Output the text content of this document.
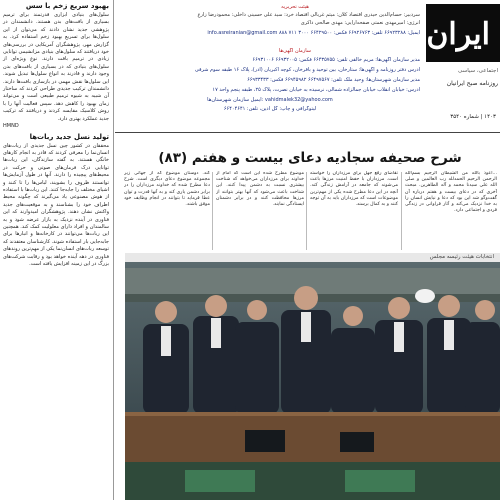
بهبود سریع زخم با سس

سلول‌های بنیادی ابزاری قدرتمند برای ترمیم بسیاری از بافت‌های بدن هستند. دانشمندان در پژوهشی جدید نشان دادند که می‌توان از این سلول‌ها برای تسریع بهبود زخم استفاده کرد. به گزارش مهر، پژوهشگران آمریکایی در بررسی‌های خود دریافتند که سلول‌های بنیادی مزانشیمی توانایی زیادی در ترمیم بافت دارند. نوع ویژه‌ای از سلول‌های بنیادی که در بسیاری از بافت‌های بدن وجود دارند و قادرند به انواع سلول‌ها تبدیل شوند. این سلول‌ها نقش مهمی در بازسازی بافت‌ها دارند. دانشمندان ترکیب جدیدی طراحی کردند که ساختار آن شبیه به شیوه ترمیم طبیعی است و می‌تواند زمان بهبود را کاهش دهد. سپس فعالیت آنها را با روش کلاسیک مقایسه کردند و دریافتند که ترکیب جدید عملکرد بهتری دارد.

HMND

تولید نسل جدید ربات‌ها

محققان در کشور چین نسل جدیدی از ربات‌های انسان‌نما را معرفی کردند که قادر به انجام کارهای خانگی هستند. به گفته سازندگان، این ربات‌ها توانایی درک فرمان‌های صوتی و حرکت در محیط‌های پیچیده را دارند. آنها در طول آزمایش‌ها توانستند ظروف را بشویند، لباس‌ها را تا کنند و اشیای مختلف را جابه‌جا کنند. این ربات‌ها با استفاده از هوش مصنوعی یاد می‌گیرند که چگونه محیط اطراف خود را بشناسند و به موقعیت‌های جدید واکنش نشان دهند. پژوهشگران امیدوارند که این فناوری در آینده نزدیک به بازار عرضه شود و به سالمندان و افراد دارای معلولیت کمک کند. همچنین این ربات‌ها می‌توانند در کارخانه‌ها و انبارها برای جابه‌جایی بار استفاده شوند. کارشناسان معتقدند که توسعه ربات‌های انسان‌نما یکی از مهم‌ترین روندهای فناوری در دهه آینده خواهد بود و رقابت شرکت‌های بزرگ در این زمینه افزایش یافته است.

ایران
اجتماعی، سیاسی
روزنامه صبح ایرانیان
هیئت تحریریه
سردبیر: حسام‌الدین حیدری اقتصاد کلان: میثم غربالی اقتصاد خرد: سید علی حسینی داخلی: محمودرضا زارع
انرژی: امیرمهدی نعمتی صفحه‌آرایی: مهدی صالحی ذاکری
info.asreiranian@gmail.com ایمیل: ۶۶۹۲۳۲۸۸ تلفن: ۶۶۹۲۶۷۶۳ فکس: ۶۶۴۲۹۵۰۰ ۳۰۰۰ ۷۱۱ ۸۸۸
سازمان آگهی‌ها
مدیر سازمان آگهی‌ها: مریم خالقی تلفن: ۶۶۴۳۵۷۵۵ فکس: ۶۶۹۳۲۰۰۵ ۶۶۹۳۱۰۰۶
آدرس دفتر روزنامه و آگهی‌ها: ستارخان، بین توحید و باقرخان، کوچه اکبریان (آذر)، پلاک ۱۶ طبقه سوم شرقی
مدیر سازمان شهرستان‌ها: وحید ملک تلفن: ۶۶۴۹۷۵۶۷ ۶۶۹۴۵۹۸۲ فکس: ۶۶۹۳۳۴۳۳
آدرس: خیابان انقلاب خیابان جمالزاده شمالی، نرسیده به خیابان نصرت، پلاک ۲۵، طبقه پنجم واحد ۱۷
ایمیل سازمان شهرستان‌ها: vahidmalek32@yahoo.com
لیتوگرافی و چاپ: گل آذین، تلفن: ۶۶۴۰۴۶۴۱
۱۴۰۳ | شماره ۳۵۴۰
شرح صحیفه سجادیه دعای بیست و هفتم (۸۳)
...اعوذ بالله من الشیطان الرجیم بسم‌الله الرحمن الرحیم الحمدلله رب العالمین و صلی الله علی سیدنا محمد و آله الطاهرین. مبحث آخری که در دعای بیست و هفتم درباره آن گفت‌وگو شد این بود که دعا و نیایش انسان را به خدا نزدیک می‌کند و آثار فراوانی در زندگی فردی و اجتماعی دارد.
تقاضای رفع جهل برای مرزداران را خواسته است. مرزداران با حفظ امنیت مرزها باعث می‌شوند که جامعه در آرامش زندگی کند. آنچه در این دعا مطرح شده یکی از مهم‌ترین موضوعات است که مرزداران باید به آن توجه کنند و به کمال برسند.
موضوع مطرح شده این است که امام از خداوند برای مرزداران می‌خواهد که شناخت بیشتری نسبت به دشمن پیدا کنند. این شناخت باعث می‌شود که آنها بهتر بتوانند از مرزها محافظت کنند و در برابر دشمنان ایستادگی نمایند.
کند. دوستان موضوع که از جهاتی زیر مجموعه موضوع دعای دیگری است. شرح دعا مطرح شده که خداوند مرزداران را در برابر دشمن یاری کند و به آنها قدرت و توان عطا فرماید تا بتوانند در انجام وظایف خود موفق باشند.
انتخابات هیئت رئیسه مجلس
